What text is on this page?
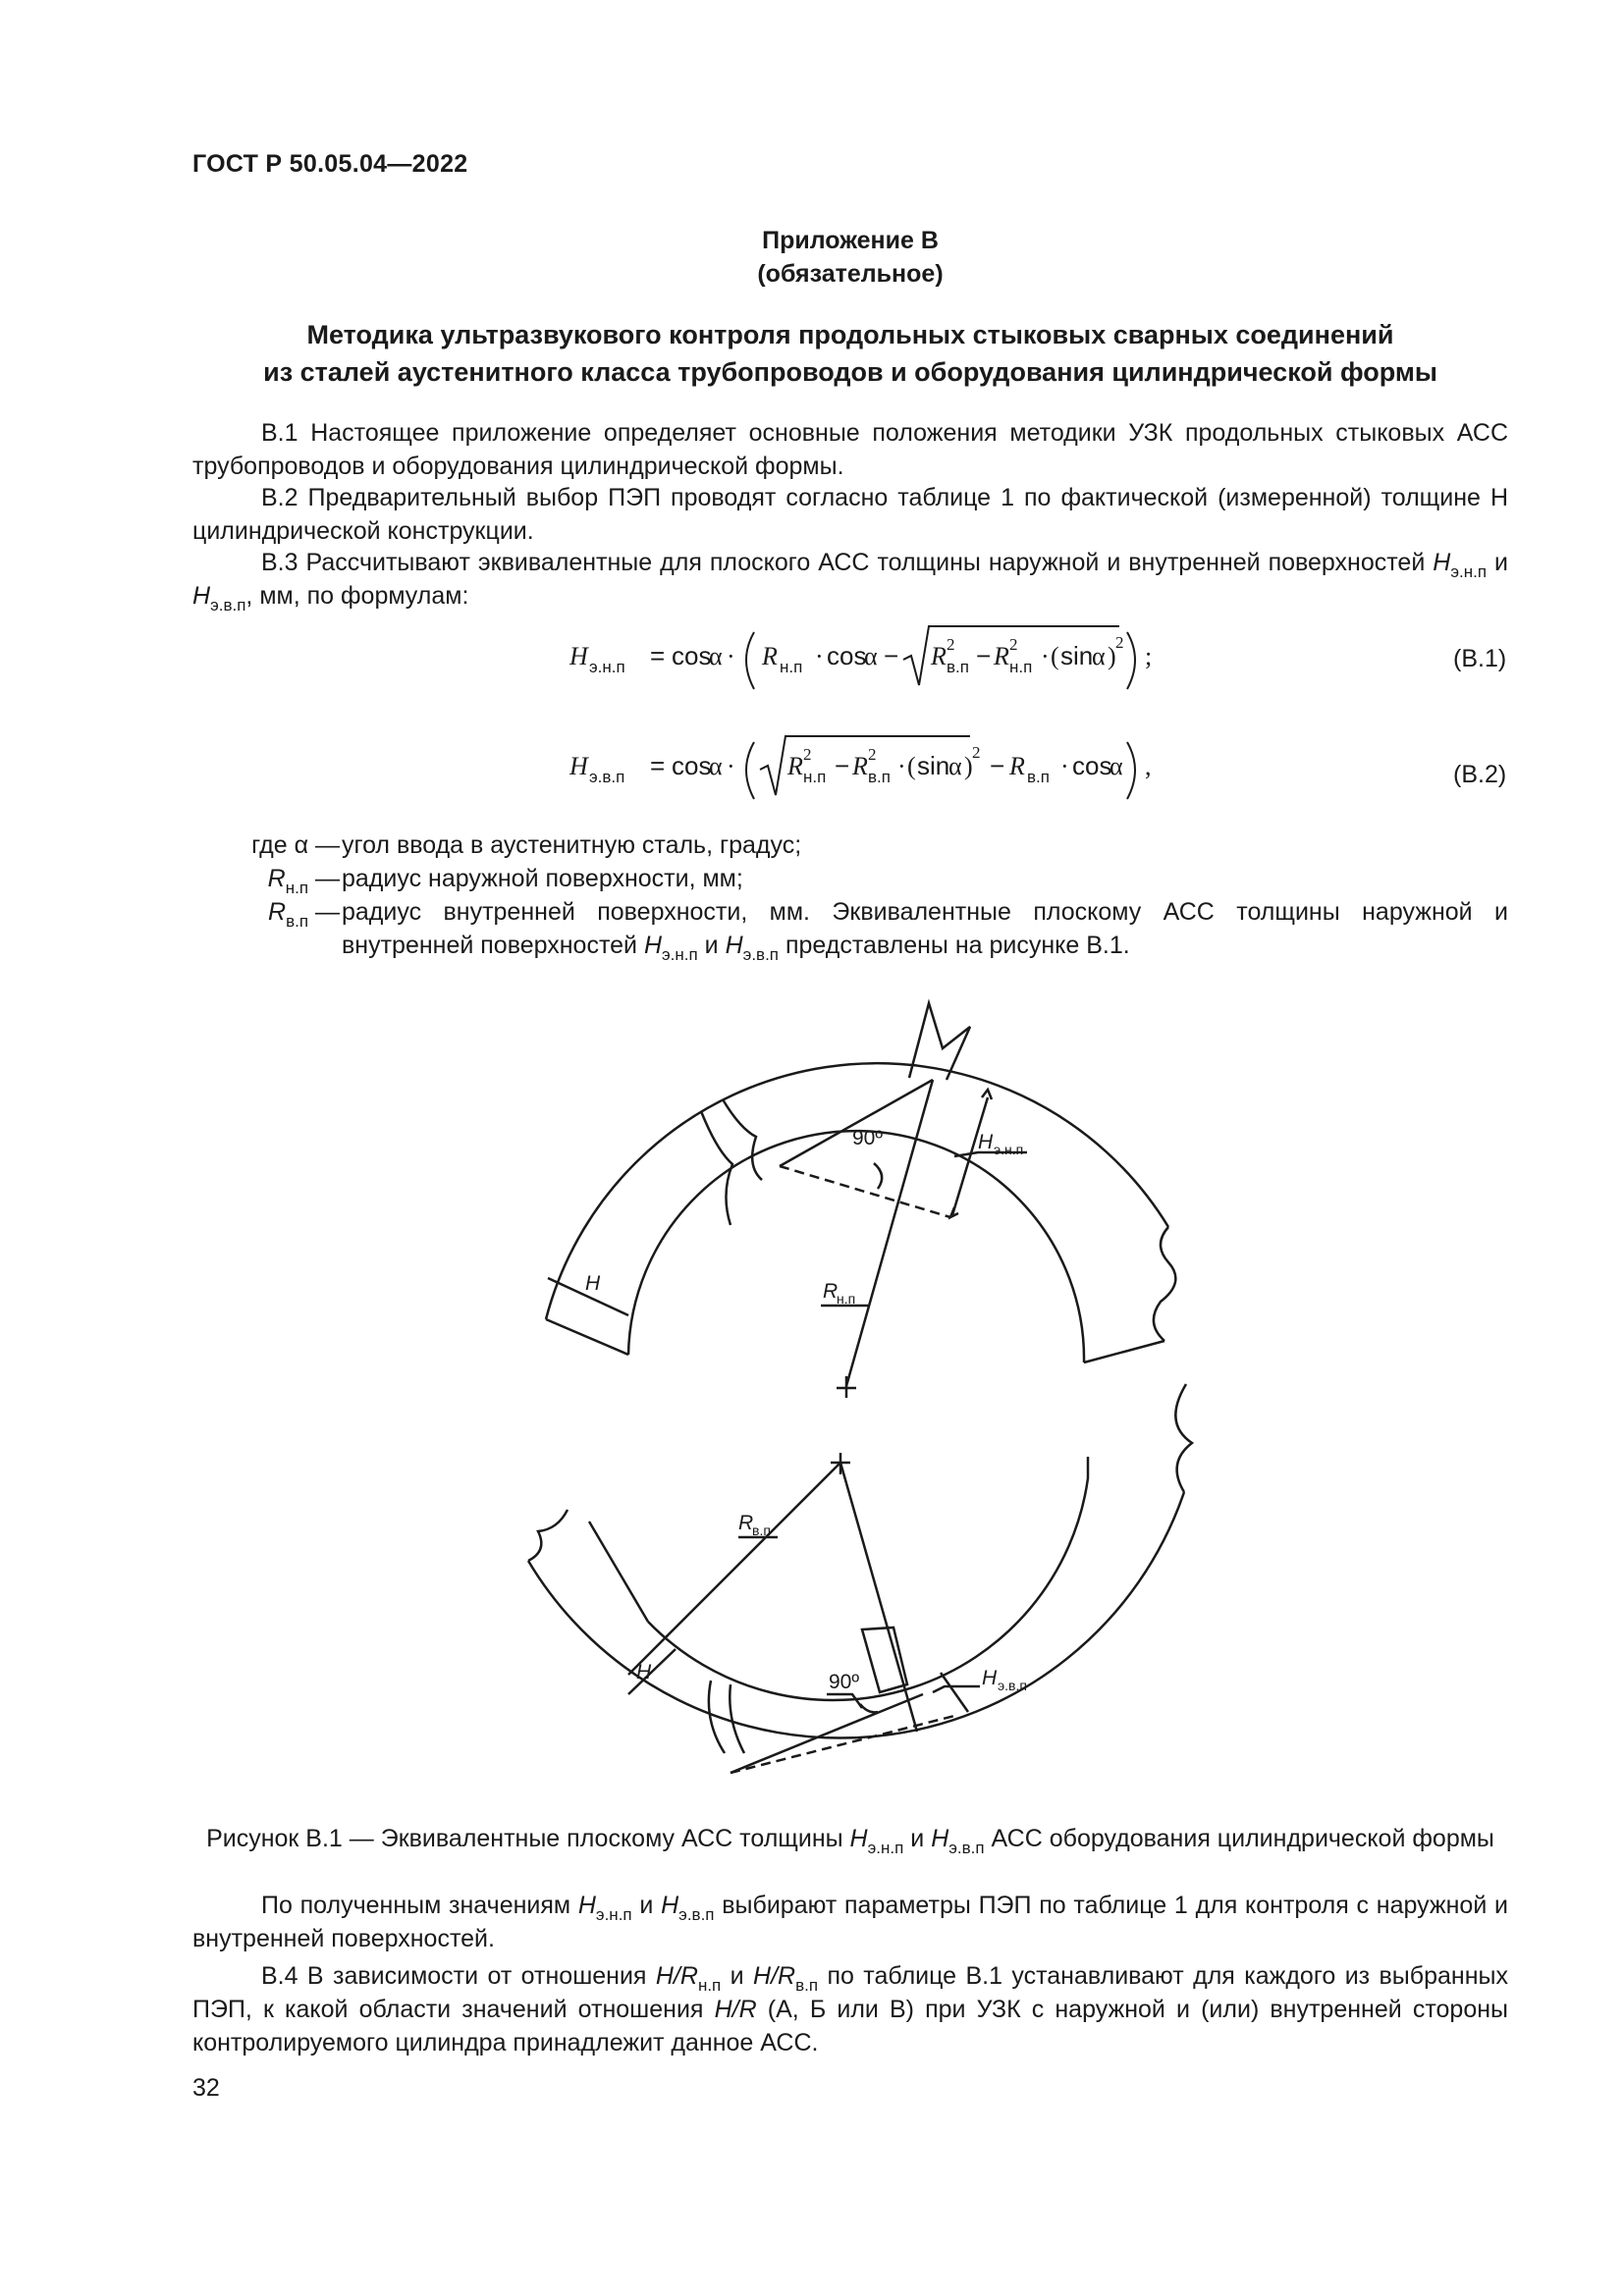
ГОСТ Р 50.05.04—2022
Приложение В
(обязательное)
Методика ультразвукового контроля продольных стыковых сварных соединений
из сталей аустенитного класса трубопроводов и оборудования цилиндрической формы
В.1 Настоящее приложение определяет основные положения методики УЗК продольных стыковых АСС трубопроводов и оборудования цилиндрической формы.
В.2 Предварительный выбор ПЭП проводят согласно таблице 1 по фактической (измеренной) толщине Н цилиндрической конструкции.
В.3 Рассчитывают эквивалентные для плоского АСС толщины наружной и внутренней поверхностей $H_{э.н.п}$ и $H_{э.в.п}$, мм, по формулам:
H э.н.п = cos
α · R н.п · cos
α − R 2
в.п − R 2
н.п · ( sin
α ) 2 ;	(В.1)
H э.в.п = cos
α · R 2
н.п − R 2
в.п · ( sin
α ) 2 − R в.п · cos
α ,	(В.2)
где α — угол ввода в аустенитную сталь, градус;
$R_{н.п}$ — радиус наружной поверхности, мм;
$R_{в.п}$ — радиус внутренней поверхности, мм. Эквивалентные плоскому АСС толщины наружной и внутренней поверхностей $H_{э.н.п}$ и $H_{э.в.п}$ представлены на рисунке В.1.
90º	H э.н.п
H	R
н.п
R
в.п
90º	H э.в.п
H
Рисунок В.1 — Эквивалентные плоскому АСС толщины $H_{э.н.п}$ и $H_{э.в.п}$ АСС оборудования цилиндрической формы
По полученным значениям $H_{э.н.п}$ и $H_{э.в.п}$ выбирают параметры ПЭП по таблице 1 для контроля с наружной и внутренней поверхностей.
В.4 В зависимости от отношения $H/R_{н.п}$ и $H/R_{в.п}$ по таблице В.1 устанавливают для каждого из выбранных ПЭП, к какой области значений отношения H/R (А, Б или В) при УЗК с наружной и (или) внутренней стороны контролируемого цилиндра принадлежит данное АСС.
32
